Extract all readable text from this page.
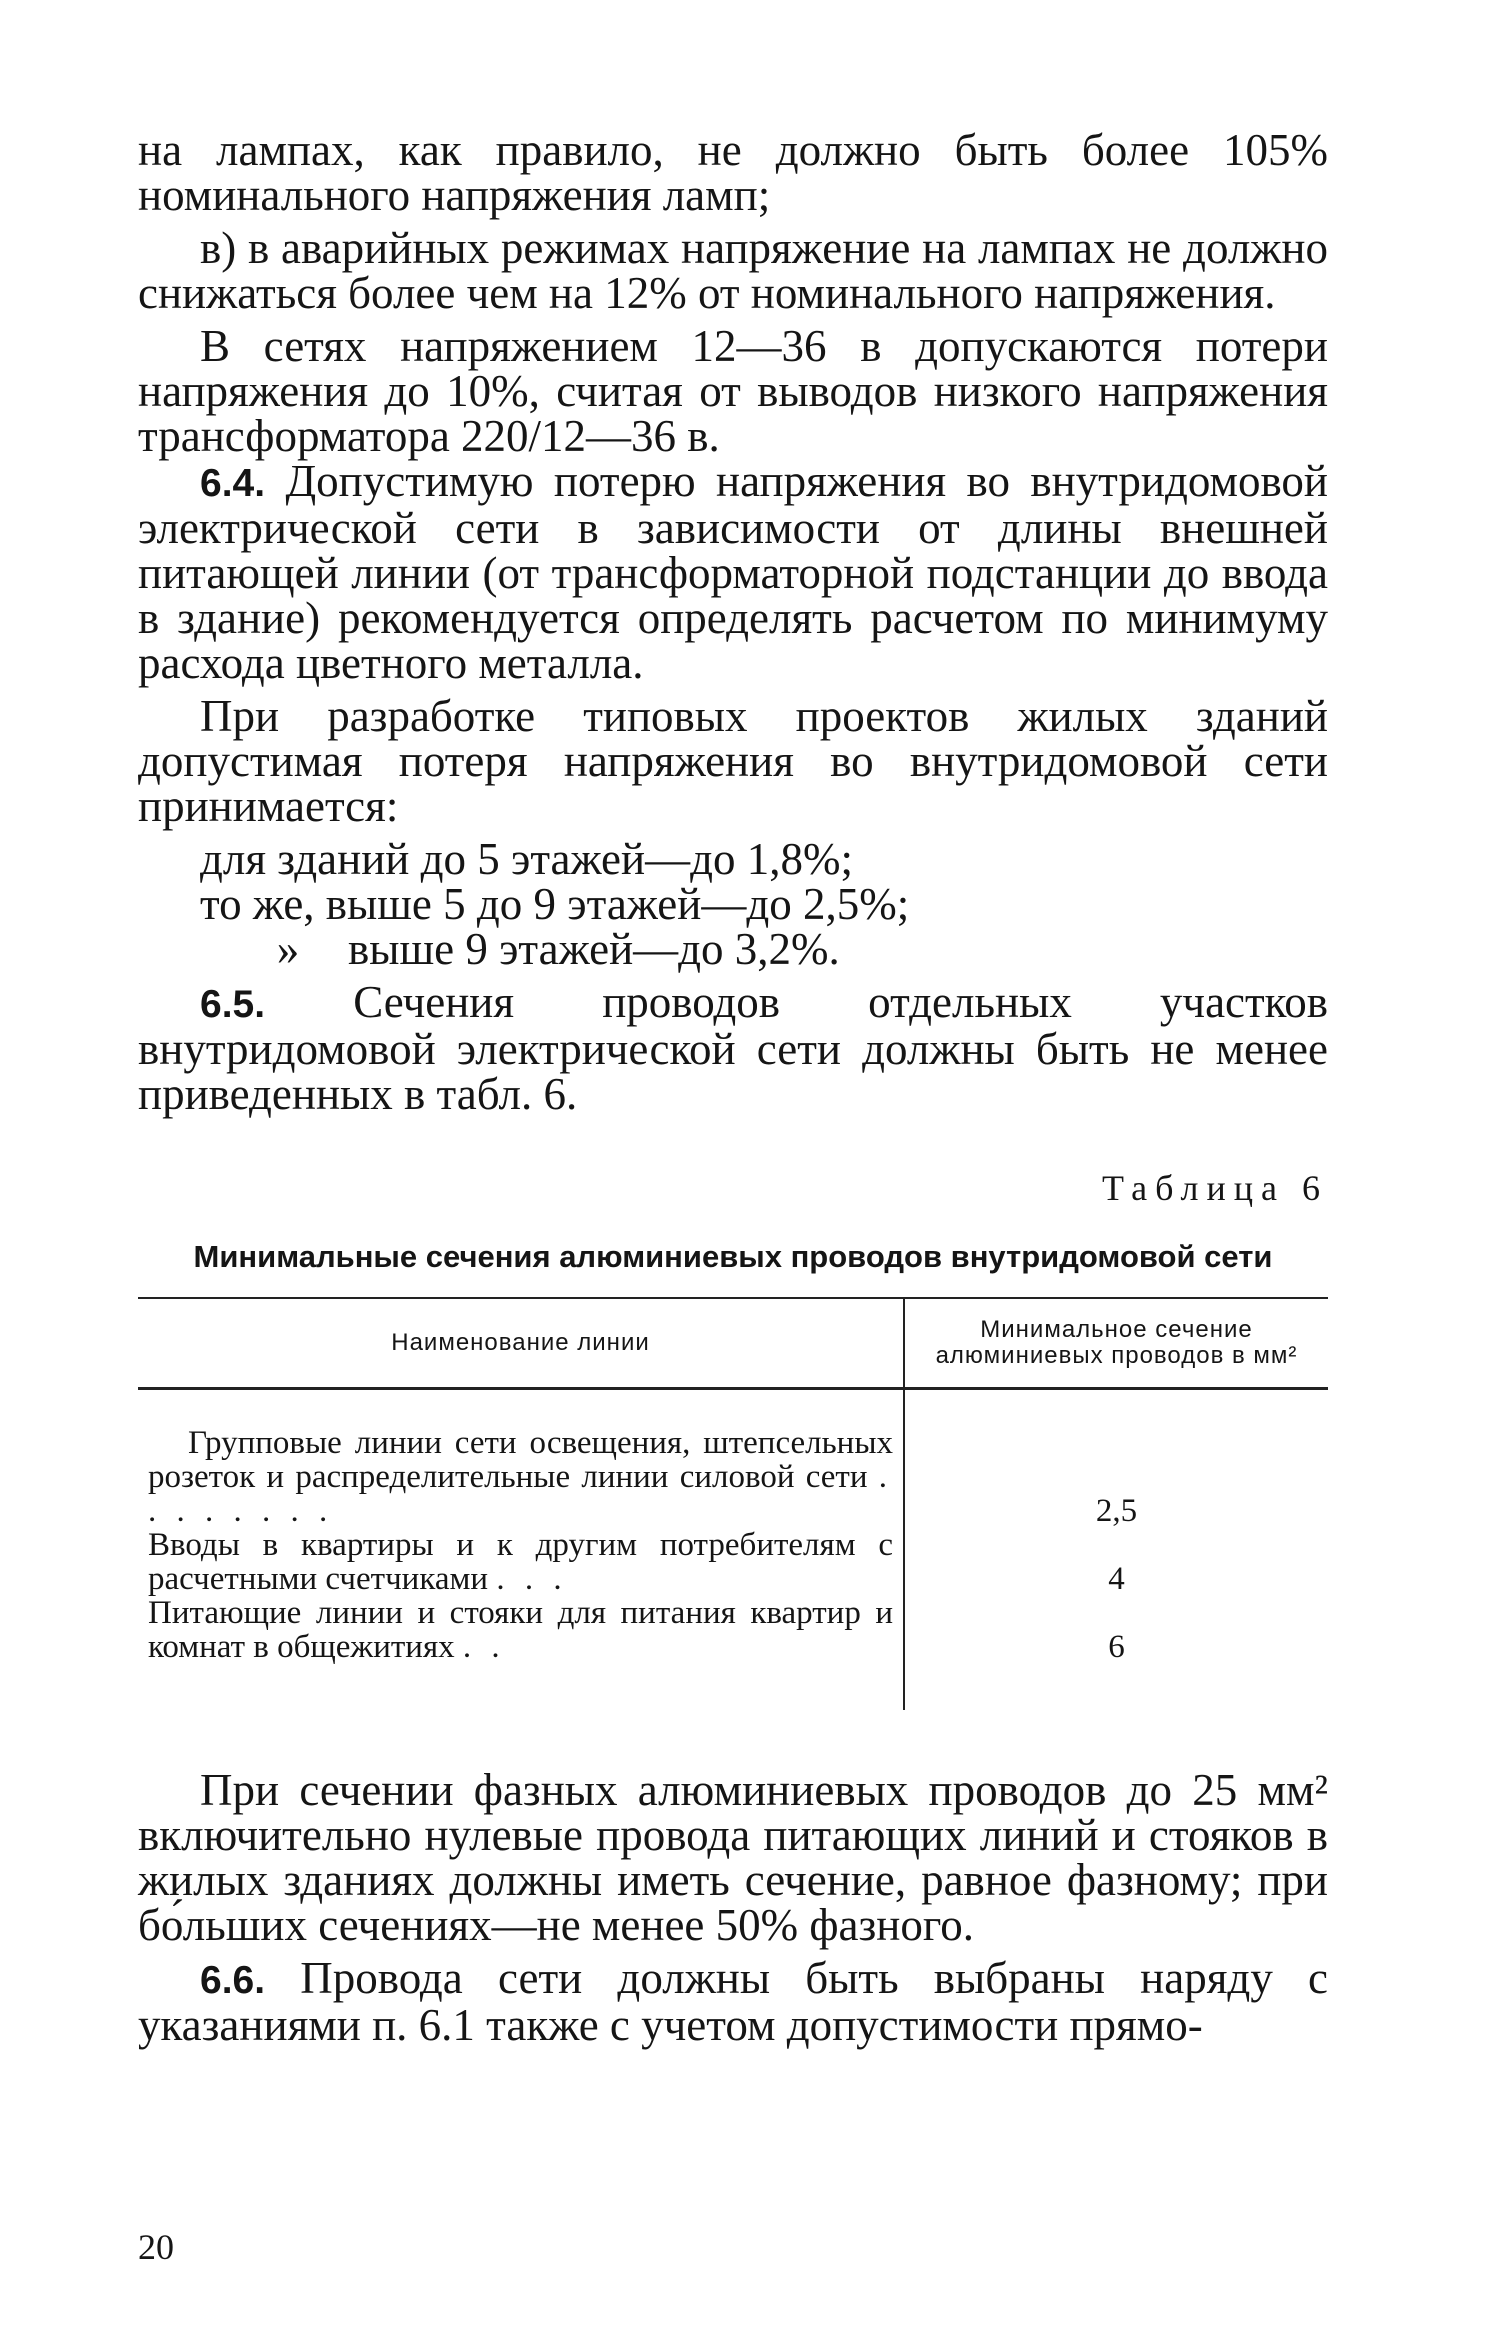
на лампах, как правило, не должно быть более 105% номинального напряжения ламп;

в) в аварийных режимах напряжение на лампах не должно снижаться более чем на 12% от номинального напряжения.

В сетях напряжением 12—36 в допускаются потери напряжения до 10%, считая от выводов низкого напряжения трансформатора 220/12—36 в.

6.4. Допустимую потерю напряжения во внутридомовой электрической сети в зависимости от длины внешней питающей линии (от трансформаторной подстанции до ввода в здание) рекомендуется определять расчетом по минимуму расхода цветного металла.

При разработке типовых проектов жилых зданий допустимая потеря напряжения во внутридомовой сети принимается:

для зданий до 5 этажей—до 1,8%;
то же, выше 5 до 9 этажей—до 2,5%;
» выше 9 этажей—до 3,2%.

6.5. Сечения проводов отдельных участков внутридомовой электрической сети должны быть не менее приведенных в табл. 6.

Таблица 6
Минимальные сечения алюминиевых проводов внутридомовой сети
Наименование линии	Минимальное сечение алюминиевых проводов в мм²
Групповые линии сети освещения, штепсельных розеток и распределительные линии силовой сети . . . . . . . .	2,5
Вводы в квартиры и к другим потребителям с расчетными счетчиками . . .	4
Питающие линии и стояки для питания квартир и комнат в общежитиях . .	6

При сечении фазных алюминиевых проводов до 25 мм² включительно нулевые провода питающих линий и стояков в жилых зданиях должны иметь сечение, равное фазному; при бо́льших сечениях—не менее 50% фазного.

6.6. Провода сети должны быть выбраны наряду с указаниями п. 6.1 также с учетом допустимости прямо-

20
